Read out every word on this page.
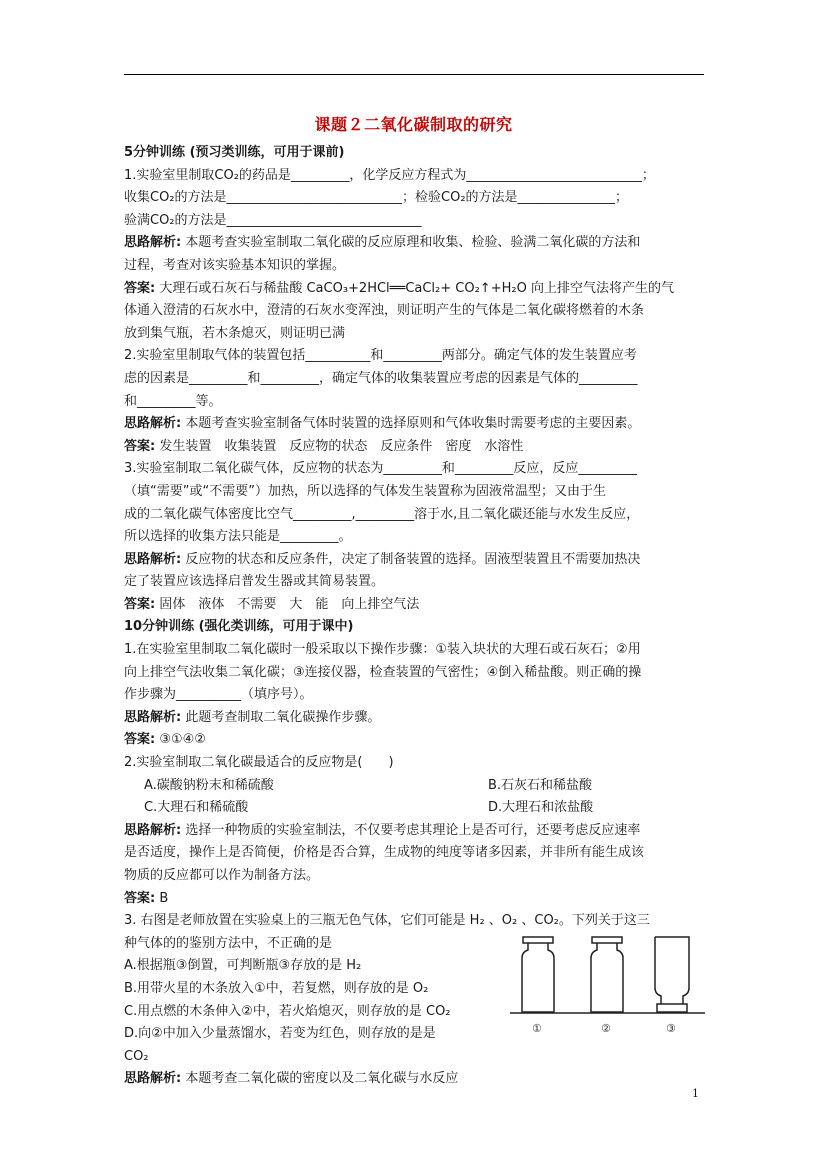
课题２二氧化碳制取的研究
5分钟训练 (预习类训练，可用于课前)
1.实验室里制取CO₂的药品是_________，化学反应方程式为___________________________；
收集CO₂的方法是___________________________；检验CO₂的方法是_______________；
验满CO₂的方法是______________________________
思路解析: 本题考查实验室制取二氧化碳的反应原理和收集、检验、验满二氧化碳的方法和
过程，考查对该实验基本知识的掌握。
答案: 大理石或石灰石与稀盐酸 CaCO₃+2HCl══CaCl₂+ CO₂↑+H₂O 向上排空气法将产生的气
体通入澄清的石灰水中，澄清的石灰水变浑浊，则证明产生的气体是二氧化碳将燃着的木条
放到集气瓶，若木条熄灭，则证明已满
2.实验室里制取气体的装置包括__________和_________两部分。确定气体的发生装置应考
虑的因素是_________和_________，确定气体的收集装置应考虑的因素是气体的_________
和_________等。
思路解析: 本题考查实验室制备气体时装置的选择原则和气体收集时需要考虑的主要因素。
答案: 发生装置　收集装置　反应物的状态　反应条件　密度　水溶性
3.实验室制取二氧化碳气体，反应物的状态为_________和_________反应，反应_________
（填“需要”或“不需要”）加热，所以选择的气体发生装置称为固液常温型；又由于生
成的二氧化碳气体密度比空气_________,_________溶于水,且二氧化碳还能与水发生反应，
所以选择的收集方法只能是_________。
思路解析: 反应物的状态和反应条件，决定了制备装置的选择。固液型装置且不需要加热决
定了装置应该选择启普发生器或其简易装置。
答案: 固体　液体　不需要　大　能　向上排空气法
10分钟训练 (强化类训练，可用于课中)
1.在实验室里制取二氧化碳时一般采取以下操作步骤：①装入块状的大理石或石灰石；②用
向上排空气法收集二氧化碳；③连接仪器，检查装置的气密性；④倒入稀盐酸。则正确的操
作步骤为__________（填序号）。
思路解析: 此题考查制取二氧化碳操作步骤。
答案: ③①④②
2.实验室制取二氧化碳最适合的反应物是(　　)
A.碳酸钠粉末和稀硫酸	B.石灰石和稀盐酸
C.大理石和稀硫酸	D.大理石和浓盐酸
思路解析: 选择一种物质的实验室制法，不仅要考虑其理论上是否可行，还要考虑反应速率
是否适度，操作上是否简便，价格是否合算，生成物的纯度等诸多因素，并非所有能生成该
物质的反应都可以作为制备方法。
答案: B
3. 右图是老师放置在实验桌上的三瓶无色气体，它们可能是 H₂ 、O₂ 、CO₂。下列关于这三
种气体的的鉴别方法中，不正确的是
A.根据瓶③倒置，可判断瓶③存放的是 H₂
B.用带火星的木条放入①中，若复燃，则存放的是 O₂
C.用点燃的木条伸入②中，若火焰熄灭，则存放的是 CO₂
D.向②中加入少量蒸馏水，若变为红色，则存放的是是
CO₂
思路解析: 本题考查二氧化碳的密度以及二氧化碳与水反应
①	②	③
1
